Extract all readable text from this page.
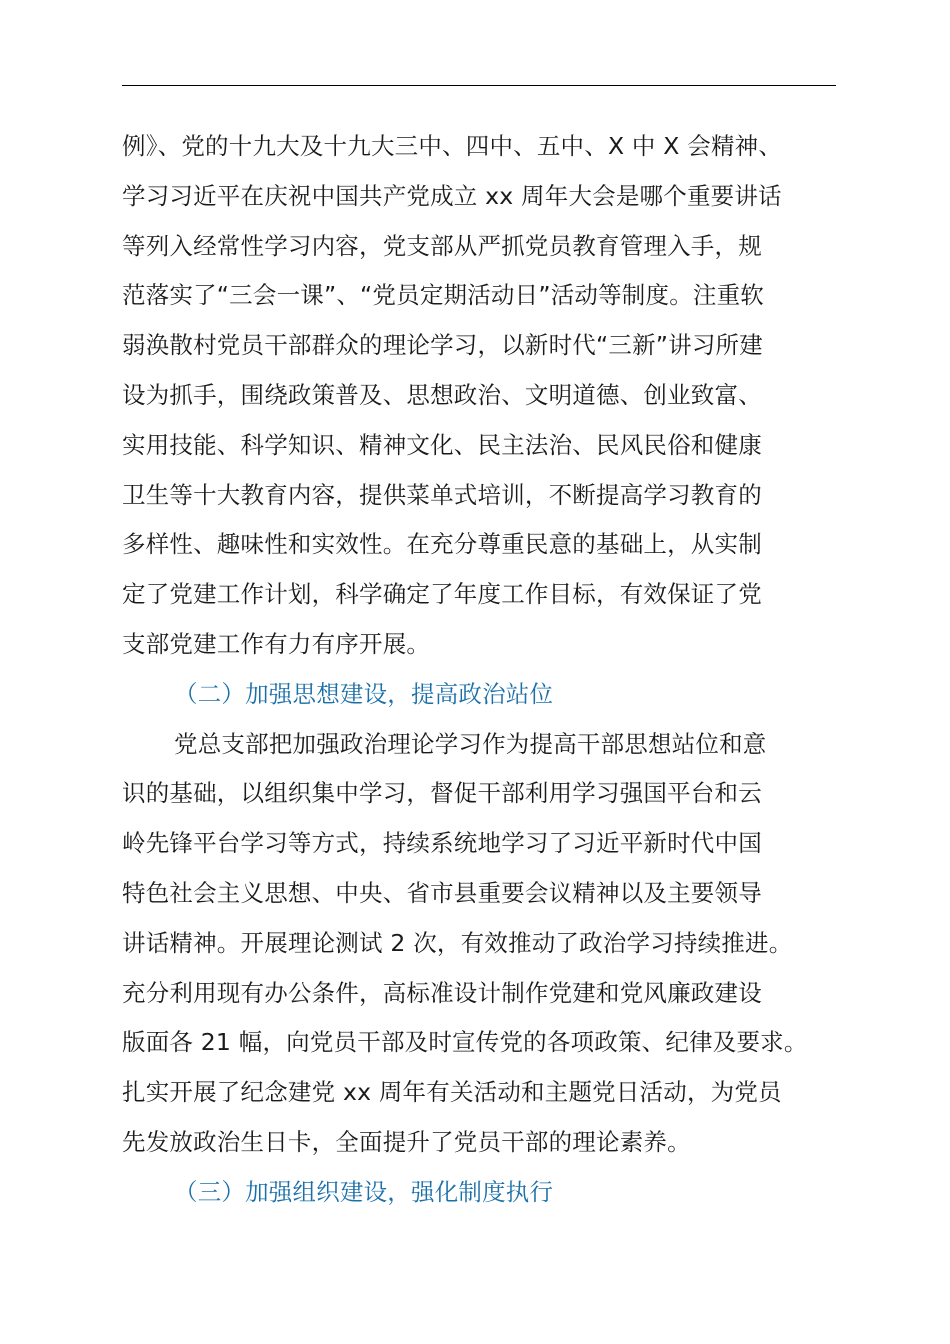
例》、党的十九大及十九大三中、四中、五中、X 中 X 会精神、
学习习近平在庆祝中国共产党成立 xx 周年大会是哪个重要讲话
等列入经常性学习内容，党支部从严抓党员教育管理入手，规
范落实了“三会一课”、“党员定期活动日”活动等制度。注重软
弱涣散村党员干部群众的理论学习，以新时代“三新”讲习所建
设为抓手，围绕政策普及、思想政治、文明道德、创业致富、
实用技能、科学知识、精神文化、民主法治、民风民俗和健康
卫生等十大教育内容，提供菜单式培训，不断提高学习教育的
多样性、趣味性和实效性。在充分尊重民意的基础上，从实制
定了党建工作计划，科学确定了年度工作目标，有效保证了党
支部党建工作有力有序开展。
（二）加强思想建设，提高政治站位
党总支部把加强政治理论学习作为提高干部思想站位和意
识的基础，以组织集中学习，督促干部利用学习强国平台和云
岭先锋平台学习等方式，持续系统地学习了习近平新时代中国
特色社会主义思想、中央、省市县重要会议精神以及主要领导
讲话精神。开展理论测试 2 次，有效推动了政治学习持续推进。
充分利用现有办公条件，高标准设计制作党建和党风廉政建设
版面各 21 幅，向党员干部及时宣传党的各项政策、纪律及要求。
扎实开展了纪念建党 xx 周年有关活动和主题党日活动，为党员
先发放政治生日卡，全面提升了党员干部的理论素养。
（三）加强组织建设，强化制度执行
